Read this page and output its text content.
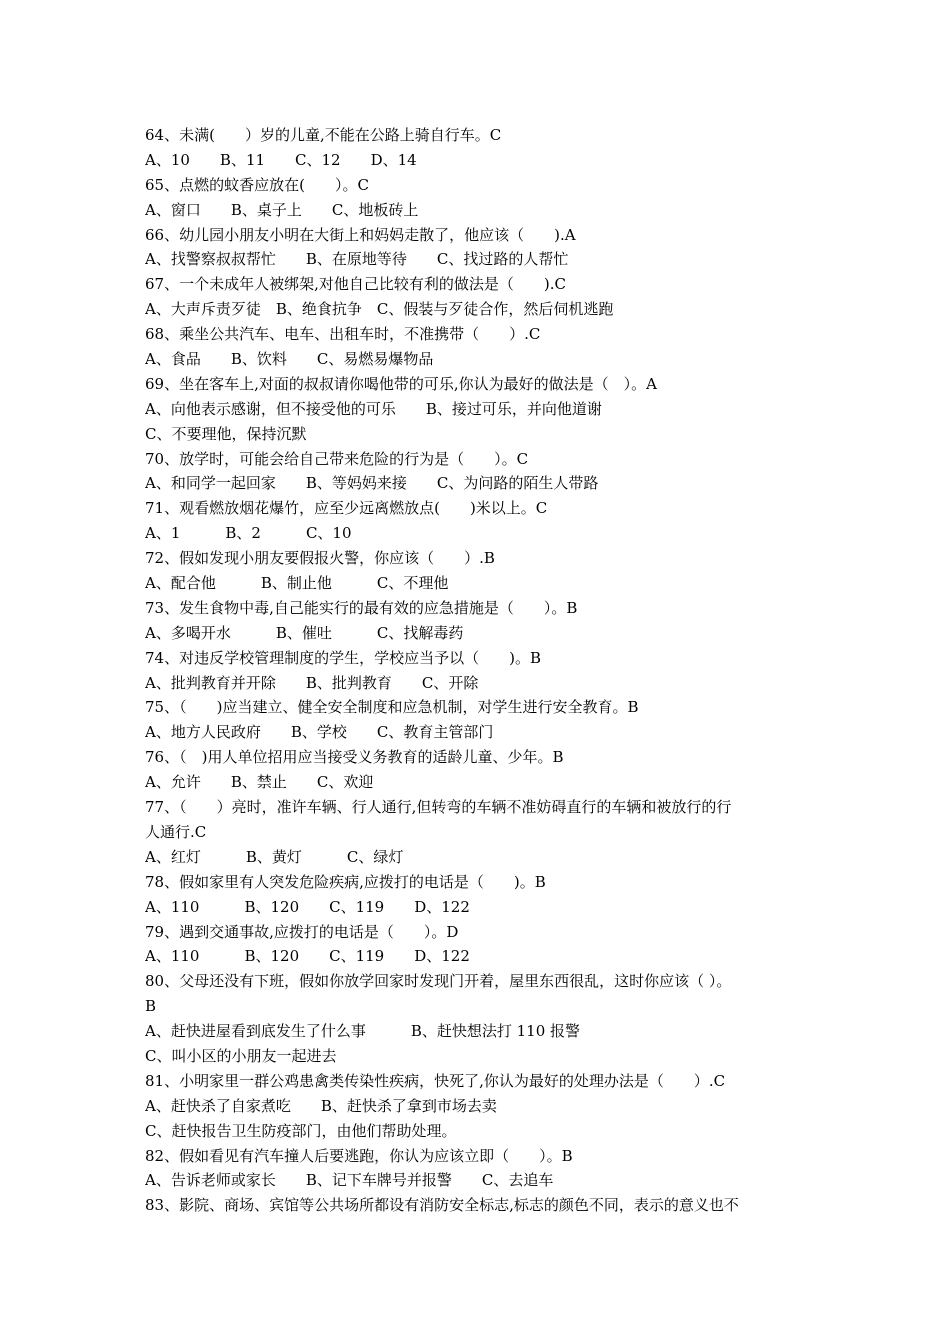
64、未满(　　）岁的儿童,不能在公路上骑自行车。C
A、10　　B、11　　C、12　　D、14
65、点燃的蚊香应放在(　　）。C
A、窗口　　B、桌子上　　C、地板砖上
66、幼儿园小朋友小明在大街上和妈妈走散了，他应该（　　).A
A、找警察叔叔帮忙　　B、在原地等待　　C、找过路的人帮忙
67、一个未成年人被绑架,对他自己比较有利的做法是（　　).C
A、大声斥责歹徒　B、绝食抗争　C、假装与歹徒合作，然后伺机逃跑
68、乘坐公共汽车、电车、出租车时，不准携带（　　）.C
A、食品　　B、饮料　　C、易燃易爆物品
69、坐在客车上,对面的叔叔请你喝他带的可乐,你认为最好的做法是（　）。A
A、向他表示感谢，但不接受他的可乐　　B、接过可乐，并向他道谢
C、不要理他，保持沉默
70、放学时，可能会给自己带来危险的行为是（　　）。C
A、和同学一起回家　　B、等妈妈来接　　C、为问路的陌生人带路
71、观看燃放烟花爆竹，应至少远离燃放点(　　)米以上。C
A、1　　　B、2　　　C、10
72、假如发现小朋友要假报火警，你应该（　　）.B
A、配合他　　　B、制止他　　　C、不理他
73、发生食物中毒,自己能实行的最有效的应急措施是（　　）。B
A、多喝开水　　　B、催吐　　　C、找解毒药
74、对违反学校管理制度的学生，学校应当予以（　　)。B
A、批判教育并开除　　B、批判教育　　C、开除
75、（　　)应当建立、健全安全制度和应急机制，对学生进行安全教育。B
A、地方人民政府　　B、学校　　C、教育主管部门
76、（　)用人单位招用应当接受义务教育的适龄儿童、少年。B
A、允许　　B、禁止　　C、欢迎
77、（　　）亮时，准许车辆、行人通行,但转弯的车辆不准妨碍直行的车辆和被放行的行
人通行.C
A、红灯　　　B、黄灯　　　C、绿灯
78、假如家里有人突发危险疾病,应拨打的电话是（　　)。B
A、110　　　B、120　　C、119　　D、122
79、遇到交通事故,应拨打的电话是（　　）。D
A、110　　　B、120　　C、119　　D、122
80、父母还没有下班，假如你放学回家时发现门开着，屋里东西很乱，这时你应该（ ）。
B
A、赶快进屋看到底发生了什么事　　　B、赶快想法打 110 报警
C、叫小区的小朋友一起进去
81、小明家里一群公鸡患禽类传染性疾病，快死了,你认为最好的处理办法是（　　）.C
A、赶快杀了自家煮吃　　B、赶快杀了拿到市场去卖
C、赶快报告卫生防疫部门，由他们帮助处理。
82、假如看见有汽车撞人后要逃跑，你认为应该立即（　　）。B
A、告诉老师或家长　　B、记下车牌号并报警　　C、去追车
83、影院、商场、宾馆等公共场所都设有消防安全标志,标志的颜色不同，表示的意义也不
